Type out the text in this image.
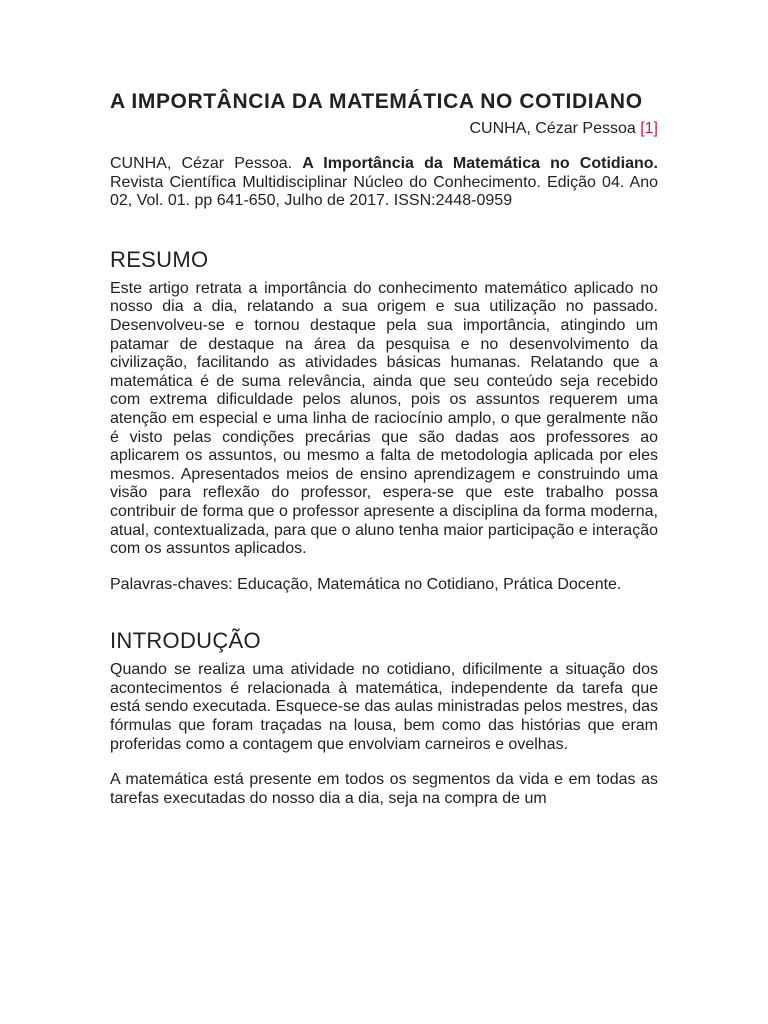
A IMPORTÂNCIA DA MATEMÁTICA NO COTIDIANO
CUNHA, Cézar Pessoa [1]

CUNHA, Cézar Pessoa. A Importância da Matemática no Cotidiano. Revista Científica Multidisciplinar Núcleo do Conhecimento. Edição 04. Ano 02, Vol. 01. pp 641-650, Julho de 2017. ISSN:2448-0959

RESUMO

Este artigo retrata a importância do conhecimento matemático aplicado no nosso dia a dia, relatando a sua origem e sua utilização no passado. Desenvolveu-se e tornou destaque pela sua importância, atingindo um patamar de destaque na área da pesquisa e no desenvolvimento da civilização, facilitando as atividades básicas humanas. Relatando que a matemática é de suma relevância, ainda que seu conteúdo seja recebido com extrema dificuldade pelos alunos, pois os assuntos requerem uma atenção em especial e uma linha de raciocínio amplo, o que geralmente não é visto pelas condições precárias que são dadas aos professores ao aplicarem os assuntos, ou mesmo a falta de metodologia aplicada por eles mesmos. Apresentados meios de ensino aprendizagem e construindo uma visão para reflexão do professor, espera-se que este trabalho possa contribuir de forma que o professor apresente a disciplina da forma moderna, atual, contextualizada, para que o aluno tenha maior participação e interação com os assuntos aplicados.

Palavras-chaves: Educação, Matemática no Cotidiano, Prática Docente.

INTRODUÇÃO

Quando se realiza uma atividade no cotidiano, dificilmente a situação dos acontecimentos é relacionada à matemática, independente da tarefa que está sendo executada. Esquece-se das aulas ministradas pelos mestres, das fórmulas que foram traçadas na lousa, bem como das histórias que eram proferidas como a contagem que envolviam carneiros e ovelhas.

A matemática está presente em todos os segmentos da vida e em todas as tarefas executadas do nosso dia a dia, seja na compra de um
